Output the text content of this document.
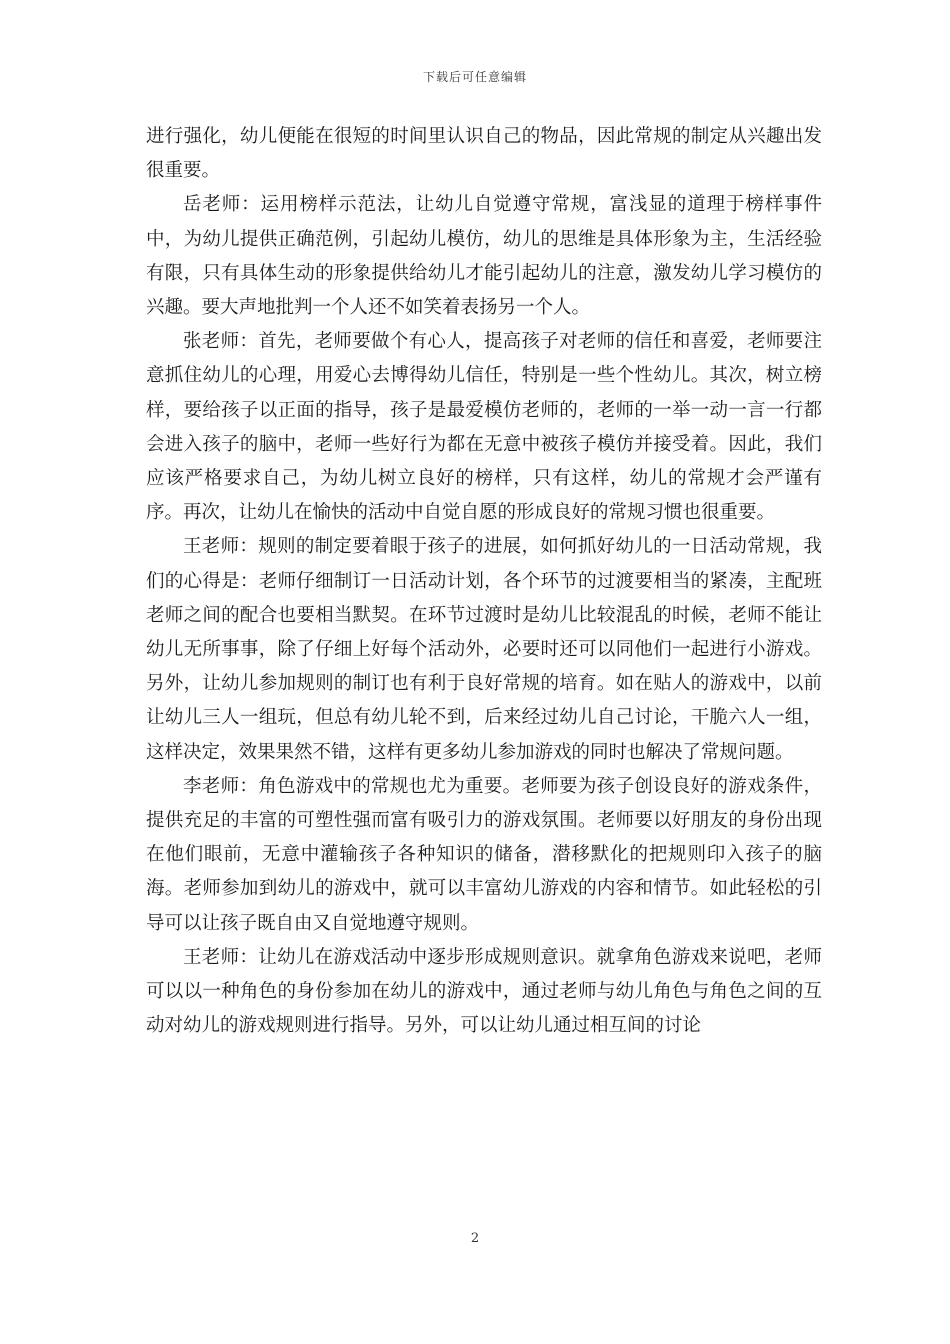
下载后可任意编辑

进行强化，幼儿便能在很短的时间里认识自己的物品，因此常规的制定从兴趣出发很重要。

岳老师：运用榜样示范法，让幼儿自觉遵守常规，富浅显的道理于榜样事件中，为幼儿提供正确范例，引起幼儿模仿，幼儿的思维是具体形象为主，生活经验有限，只有具体生动的形象提供给幼儿才能引起幼儿的注意，激发幼儿学习模仿的兴趣。要大声地批判一个人还不如笑着表扬另一个人。

张老师：首先，老师要做个有心人，提高孩子对老师的信任和喜爱，老师要注意抓住幼儿的心理，用爱心去博得幼儿信任，特别是一些个性幼儿。其次，树立榜样，要给孩子以正面的指导，孩子是最爱模仿老师的，老师的一举一动一言一行都会进入孩子的脑中，老师一些好行为都在无意中被孩子模仿并接受着。因此，我们应该严格要求自己，为幼儿树立良好的榜样，只有这样，幼儿的常规才会严谨有序。再次，让幼儿在愉快的活动中自觉自愿的形成良好的常规习惯也很重要。

王老师：规则的制定要着眼于孩子的进展，如何抓好幼儿的一日活动常规，我们的心得是：老师仔细制订一日活动计划，各个环节的过渡要相当的紧凑，主配班老师之间的配合也要相当默契。在环节过渡时是幼儿比较混乱的时候，老师不能让幼儿无所事事，除了仔细上好每个活动外，必要时还可以同他们一起进行小游戏。另外，让幼儿参加规则的制订也有利于良好常规的培育。如在贴人的游戏中，以前让幼儿三人一组玩，但总有幼儿轮不到，后来经过幼儿自己讨论，干脆六人一组，这样决定，效果果然不错，这样有更多幼儿参加游戏的同时也解决了常规问题。

李老师：角色游戏中的常规也尤为重要。老师要为孩子创设良好的游戏条件，提供充足的丰富的可塑性强而富有吸引力的游戏氛围。老师要以好朋友的身份出现在他们眼前，无意中灌输孩子各种知识的储备，潜移默化的把规则印入孩子的脑海。老师参加到幼儿的游戏中，就可以丰富幼儿游戏的内容和情节。如此轻松的引导可以让孩子既自由又自觉地遵守规则。

王老师：让幼儿在游戏活动中逐步形成规则意识。就拿角色游戏来说吧，老师可以以一种角色的身份参加在幼儿的游戏中，通过老师与幼儿角色与角色之间的互动对幼儿的游戏规则进行指导。另外，可以让幼儿通过相互间的讨论

2
